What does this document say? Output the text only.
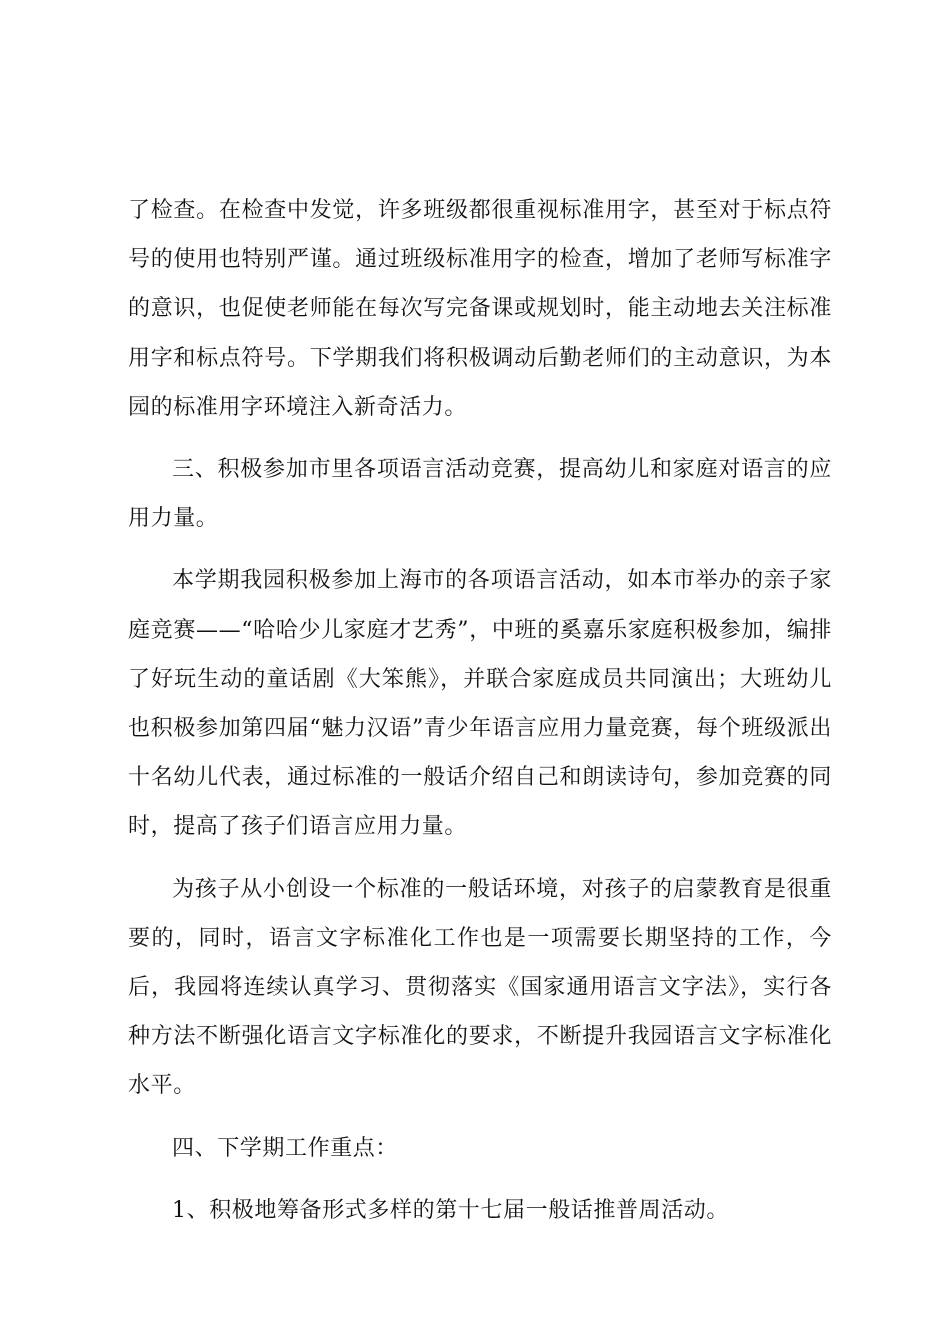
了检查。在检查中发觉，许多班级都很重视标准用字，甚至对于标点符号的使用也特别严谨。通过班级标准用字的检查，增加了老师写标准字的意识，也促使老师能在每次写完备课或规划时，能主动地去关注标准用字和标点符号。下学期我们将积极调动后勤老师们的主动意识，为本园的标准用字环境注入新奇活力。

三、积极参加市里各项语言活动竞赛，提高幼儿和家庭对语言的应用力量。

本学期我园积极参加上海市的各项语言活动，如本市举办的亲子家庭竞赛——“哈哈少儿家庭才艺秀”，中班的奚嘉乐家庭积极参加，编排了好玩生动的童话剧《大笨熊》，并联合家庭成员共同演出；大班幼儿也积极参加第四届“魅力汉语”青少年语言应用力量竞赛，每个班级派出十名幼儿代表，通过标准的一般话介绍自己和朗读诗句，参加竞赛的同时，提高了孩子们语言应用力量。

为孩子从小创设一个标准的一般话环境，对孩子的启蒙教育是很重要的，同时，语言文字标准化工作也是一项需要长期坚持的工作，今后，我园将连续认真学习、贯彻落实《国家通用语言文字法》，实行各种方法不断强化语言文字标准化的要求，不断提升我园语言文字标准化水平。

四、下学期工作重点：

1、积极地筹备形式多样的第十七届一般话推普周活动。
